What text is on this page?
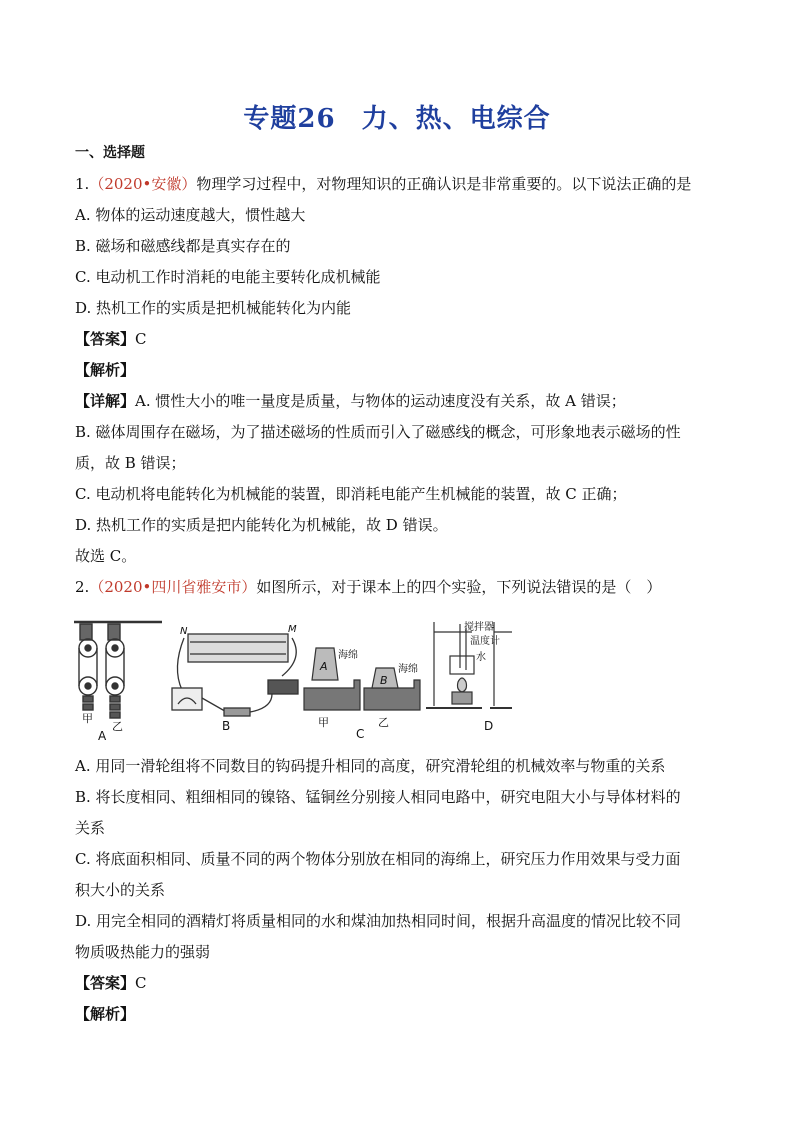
专题26 力、热、电综合
一、选择题
1.（2020•安徽）物理学习过程中，对物理知识的正确认识是非常重要的。以下说法正确的是
A. 物体的运动速度越大，惯性越大
B. 磁场和磁感线都是真实存在的
C. 电动机工作时消耗的电能主要转化成机械能
D. 热机工作的实质是把机械能转化为内能
【答案】C
【解析】
【详解】A. 惯性大小的唯一量度是质量，与物体的运动速度没有关系，故 A 错误；
B. 磁体周围存在磁场，为了描述磁场的性质而引入了磁感线的概念，可形象地表示磁场的性
质，故 B 错误；
C. 电动机将电能转化为机械能的装置，即消耗电能产生机械能的装置，故 C 正确；
D. 热机工作的实质是把内能转化为机械能，故 D 错误。
故选 C。
2.（2020•四川省雅安市）如图所示，对于课本上的四个实验，下列说法错误的是（　）
甲
乙
A
N	M
B
A
B
海绵
海绵
甲	乙
C
搅拌器
温度计
水
D
A. 用同一滑轮组将不同数目的钩码提升相同的高度，研究滑轮组的机械效率与物重的关系
B. 将长度相同、粗细相同的镍铬、锰铜丝分别接人相同电路中，研究电阻大小与导体材料的
关系
C. 将底面积相同、质量不同的两个物体分别放在相同的海绵上，研究压力作用效果与受力面
积大小的关系
D. 用完全相同的酒精灯将质量相同的水和煤油加热相同时间，根据升高温度的情况比较不同
物质吸热能力的强弱
【答案】C
【解析】
